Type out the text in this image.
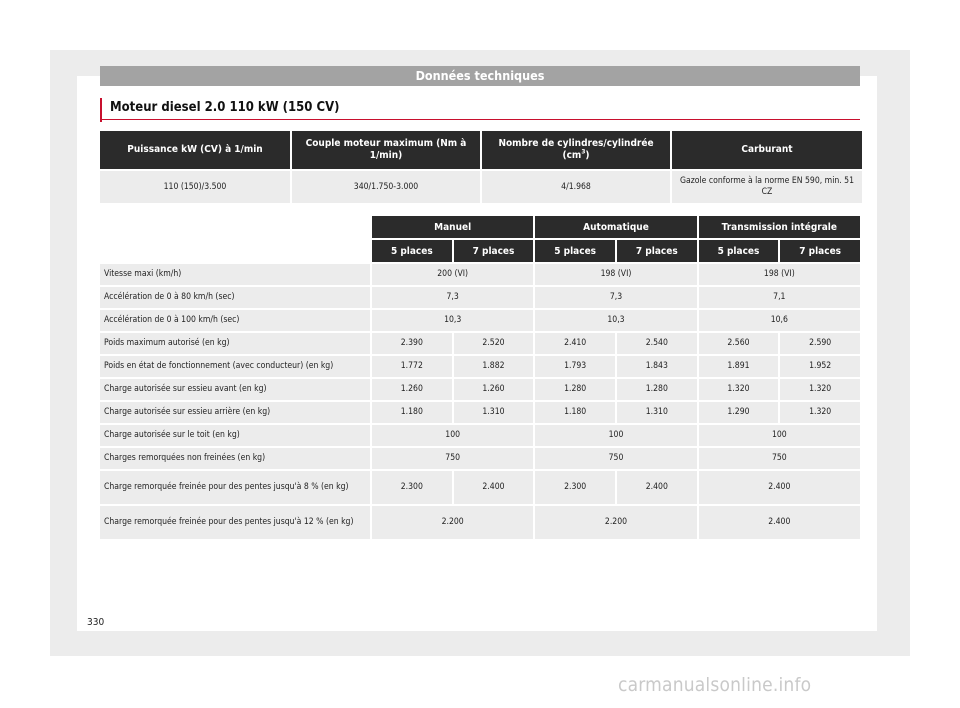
Données techniques
Moteur diesel 2.0 110 kW (150 CV)
Puissance kW (CV) à 1/min	Couple moteur maximum (Nm à 1/min)	Nombre de cylindres/cylindrée $(cm^3)$	Carburant
110 (150)/3.500	340/1.750-3.000	4/1.968	Gazole conforme à la norme EN 590, min. 51 CZ
	Manuel		Automatique		Transmission intégrale	
	5 places	7 places	5 places	7 places	5 places	7 places
Vitesse maxi (km/h)	200 (VI)		198 (VI)		198 (VI)	
Accélération de 0 à 80 km/h (sec)	7,3		7,3		7,1	
Accélération de 0 à 100 km/h (sec)	10,3		10,3		10,6	
Poids maximum autorisé (en kg)	2.390	2.520	2.410	2.540	2.560	2.590
Poids en état de fonctionnement (avec conducteur) (en kg)	1.772	1.882	1.793	1.843	1.891	1.952
Charge autorisée sur essieu avant (en kg)	1.260	1.260	1.280	1.280	1.320	1.320
Charge autorisée sur essieu arrière (en kg)	1.180	1.310	1.180	1.310	1.290	1.320
Charge autorisée sur le toit (en kg)	100		100		100	
Charges remorquées non freinées (en kg)	750		750		750	
Charge remorquée freinée pour des pentes jusqu'à 8 % (en kg)	2.300	2.400	2.300	2.400	2.400	
Charge remorquée freinée pour des pentes jusqu'à 12 % (en kg)	2.200		2.200		2.400	
330
carmanualsonline.info
